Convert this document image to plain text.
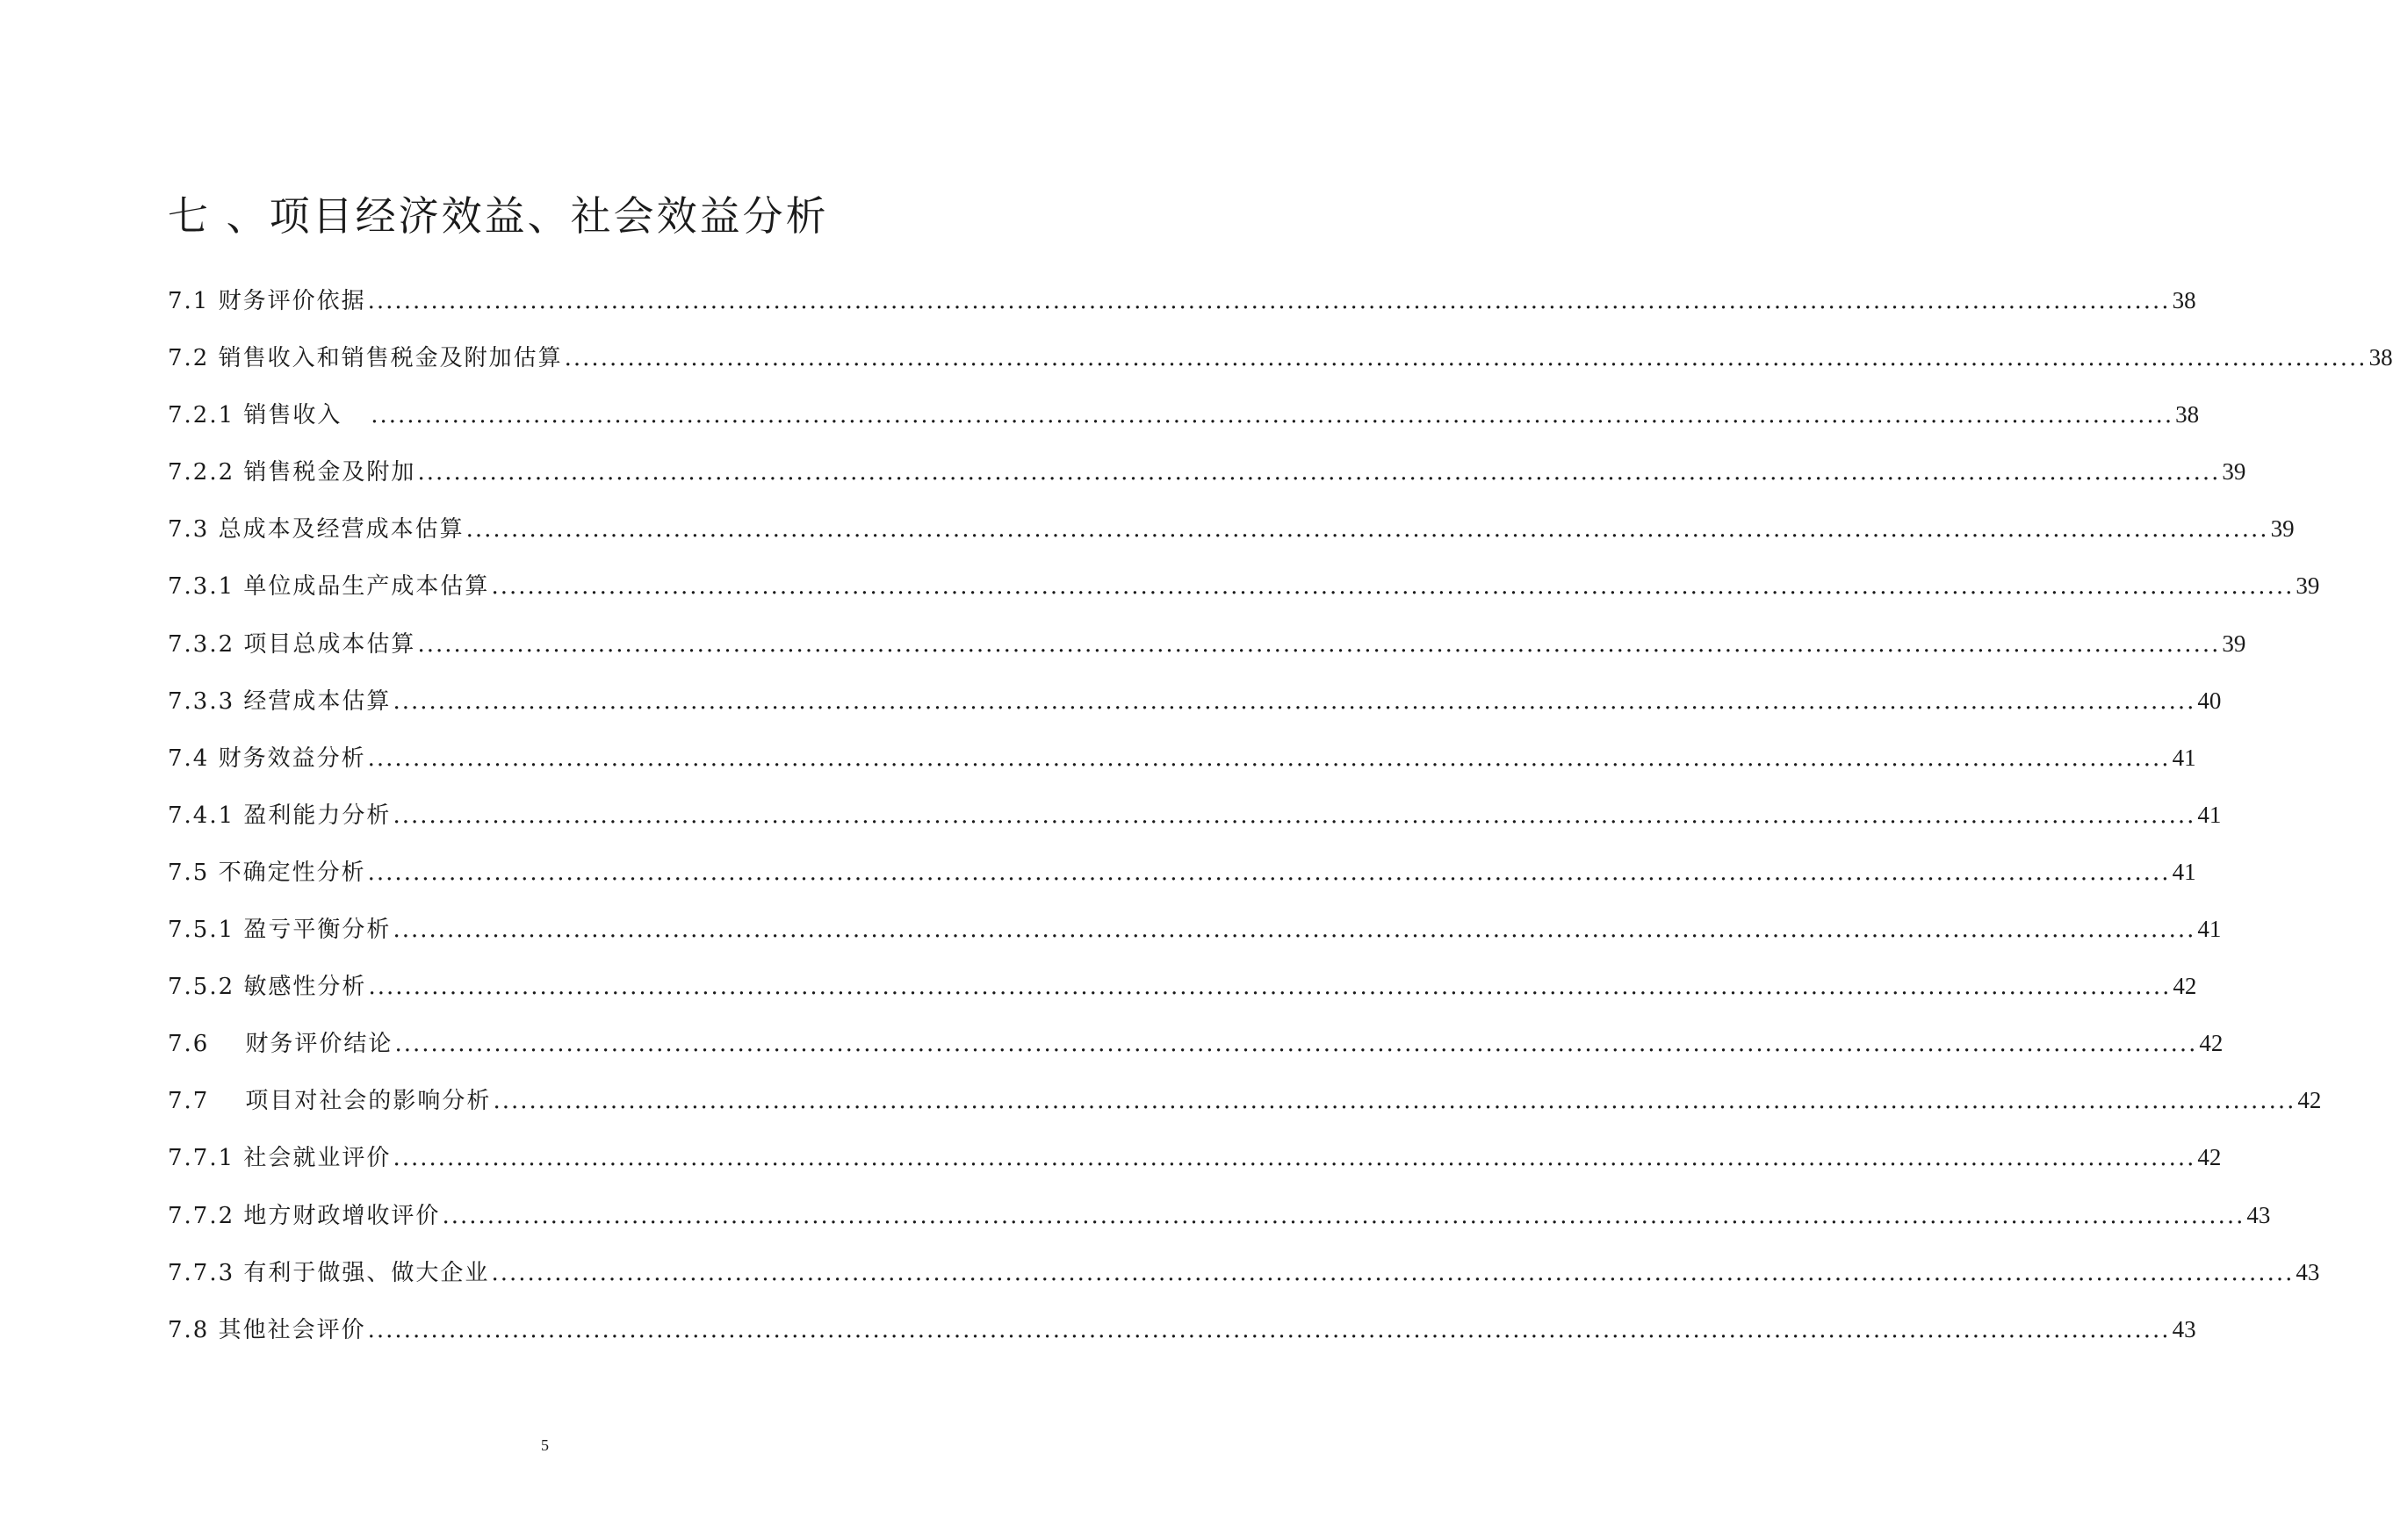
七 、项目经济效益、社会效益分析
7.1 财务评价依据 ........................................................................................................................................................................................................ 38
7.2 销售收入和销售税金及附加估算 ........................................................................................................................................................................................................ 38
7.2.1 销售收入 ........................................................................................................................................................................................................ 38
7.2.2 销售税金及附加 ........................................................................................................................................................................................................ 39
7.3 总成本及经营成本估算 ........................................................................................................................................................................................................ 39
7.3.1 单位成品生产成本估算 ........................................................................................................................................................................................................ 39
7.3.2 项目总成本估算 ........................................................................................................................................................................................................ 39
7.3.3 经营成本估算 ........................................................................................................................................................................................................ 40
7.4 财务效益分析 ........................................................................................................................................................................................................ 41
7.4.1 盈利能力分析 ........................................................................................................................................................................................................ 41
7.5 不确定性分析 ........................................................................................................................................................................................................ 41
7.5.1 盈亏平衡分析 ........................................................................................................................................................................................................ 41
7.5.2 敏感性分析 ........................................................................................................................................................................................................ 42
7.6 财务评价结论 ........................................................................................................................................................................................................ 42
7.7 项目对社会的影响分析 ........................................................................................................................................................................................................ 42
7.7.1 社会就业评价 ........................................................................................................................................................................................................ 42
7.7.2 地方财政增收评价 ........................................................................................................................................................................................................ 43
7.7.3 有利于做强、做大企业 ........................................................................................................................................................................................................ 43
7.8 其他社会评价 ........................................................................................................................................................................................................ 43
5
